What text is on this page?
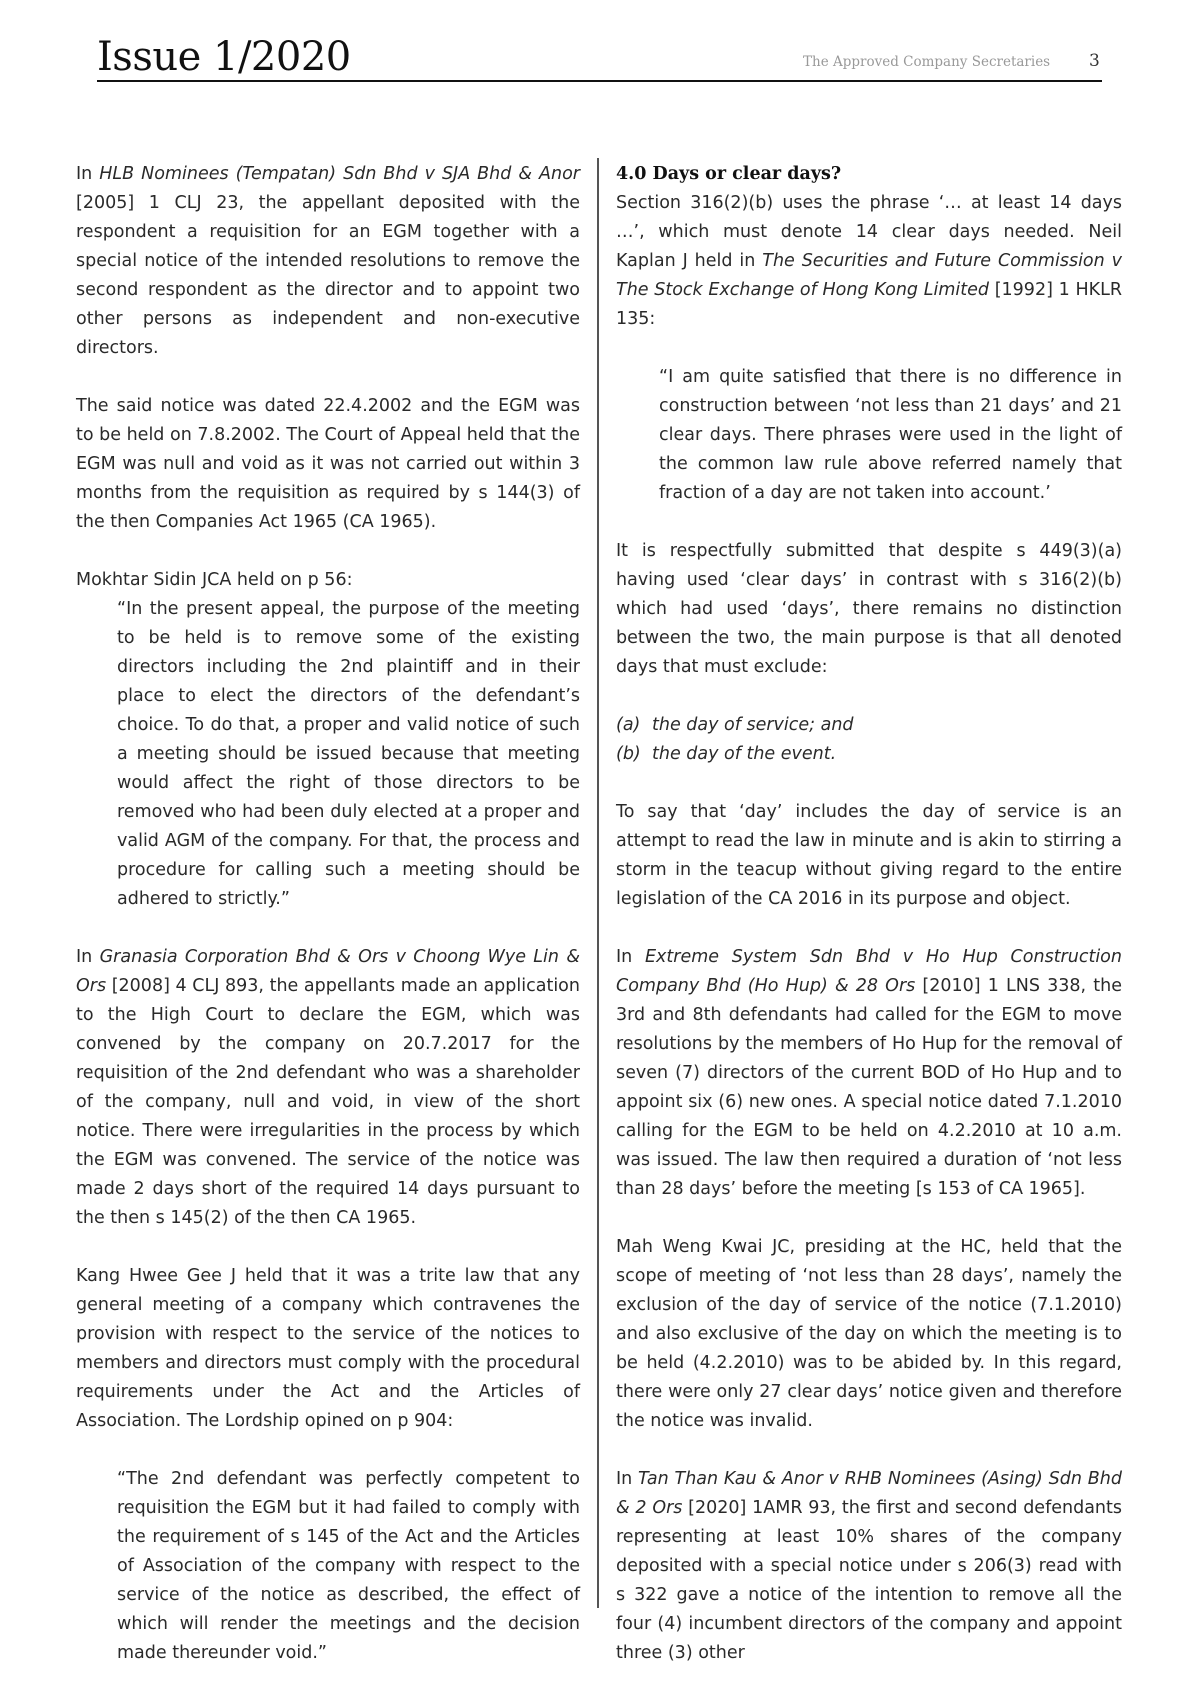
Issue 1/2020	The Approved Company Secretaries 3

In HLB Nominees (Tempatan) Sdn Bhd v SJA Bhd & Anor [2005] 1 CLJ 23, the appellant deposited with the respondent a requisition for an EGM together with a special notice of the intended resolutions to remove the second respondent as the director and to appoint two other persons as independent and non-executive directors.

The said notice was dated 22.4.2002 and the EGM was to be held on 7.8.2002. The Court of Appeal held that the EGM was null and void as it was not carried out within 3 months from the requisition as required by s 144(3) of the then Companies Act 1965 (CA 1965).

Mokhtar Sidin JCA held on p 56:

“In the present appeal, the purpose of the meeting to be held is to remove some of the existing directors including the 2nd plaintiff and in their place to elect the directors of the defendant’s choice. To do that, a proper and valid notice of such a meeting should be issued because that meeting would affect the right of those directors to be removed who had been duly elected at a proper and valid AGM of the company. For that, the process and procedure for calling such a meeting should be adhered to strictly.”

In Granasia Corporation Bhd & Ors v Choong Wye Lin & Ors [2008] 4 CLJ 893, the appellants made an application to the High Court to declare the EGM, which was convened by the company on 20.7.2017 for the requisition of the 2nd defendant who was a shareholder of the company, null and void, in view of the short notice. There were irregularities in the process by which the EGM was convened. The service of the notice was made 2 days short of the required 14 days pursuant to the then s 145(2) of the then CA 1965.

Kang Hwee Gee J held that it was a trite law that any general meeting of a company which contravenes the provision with respect to the service of the notices to members and directors must comply with the procedural requirements under the Act and the Articles of Association. The Lordship opined on p 904:

“The 2nd defendant was perfectly competent to requisition the EGM but it had failed to comply with the requirement of s 145 of the Act and the Articles of Association of the company with respect to the service of the notice as described, the effect of which will render the meetings and the decision made thereunder void.”

4.0 Days or clear days?

Section 316(2)(b) uses the phrase ‘… at least 14 days …’, which must denote 14 clear days needed. Neil Kaplan J held in The Securities and Future Commission v The Stock Exchange of Hong Kong Limited [1992] 1 HKLR 135:

“I am quite satisfied that there is no difference in construction between ‘not less than 21 days’ and 21 clear days. There phrases were used in the light of the common law rule above referred namely that fraction of a day are not taken into account.’

It is respectfully submitted that despite s 449(3)(a) having used ‘clear days’ in contrast with s 316(2)(b) which had used ‘days’, there remains no distinction between the two, the main purpose is that all denoted days that must exclude:

(a) the day of service; and
(b) the day of the event.

To say that ‘day’ includes the day of service is an attempt to read the law in minute and is akin to stirring a storm in the teacup without giving regard to the entire legislation of the CA 2016 in its purpose and object.

In Extreme System Sdn Bhd v Ho Hup Construction Company Bhd (Ho Hup) & 28 Ors [2010] 1 LNS 338, the 3rd and 8th defendants had called for the EGM to move resolutions by the members of Ho Hup for the removal of seven (7) directors of the current BOD of Ho Hup and to appoint six (6) new ones. A special notice dated 7.1.2010 calling for the EGM to be held on 4.2.2010 at 10 a.m. was issued. The law then required a duration of ‘not less than 28 days’ before the meeting [s 153 of CA 1965].

Mah Weng Kwai JC, presiding at the HC, held that the scope of meeting of ‘not less than 28 days’, namely the exclusion of the day of service of the notice (7.1.2010) and also exclusive of the day on which the meeting is to be held (4.2.2010) was to be abided by. In this regard, there were only 27 clear days’ notice given and therefore the notice was invalid.

In Tan Than Kau & Anor v RHB Nominees (Asing) Sdn Bhd & 2 Ors [2020] 1AMR 93, the first and second defendants representing at least 10% shares of the company deposited with a special notice under s 206(3) read with s 322 gave a notice of the intention to remove all the four (4) incumbent directors of the company and appoint three (3) other
